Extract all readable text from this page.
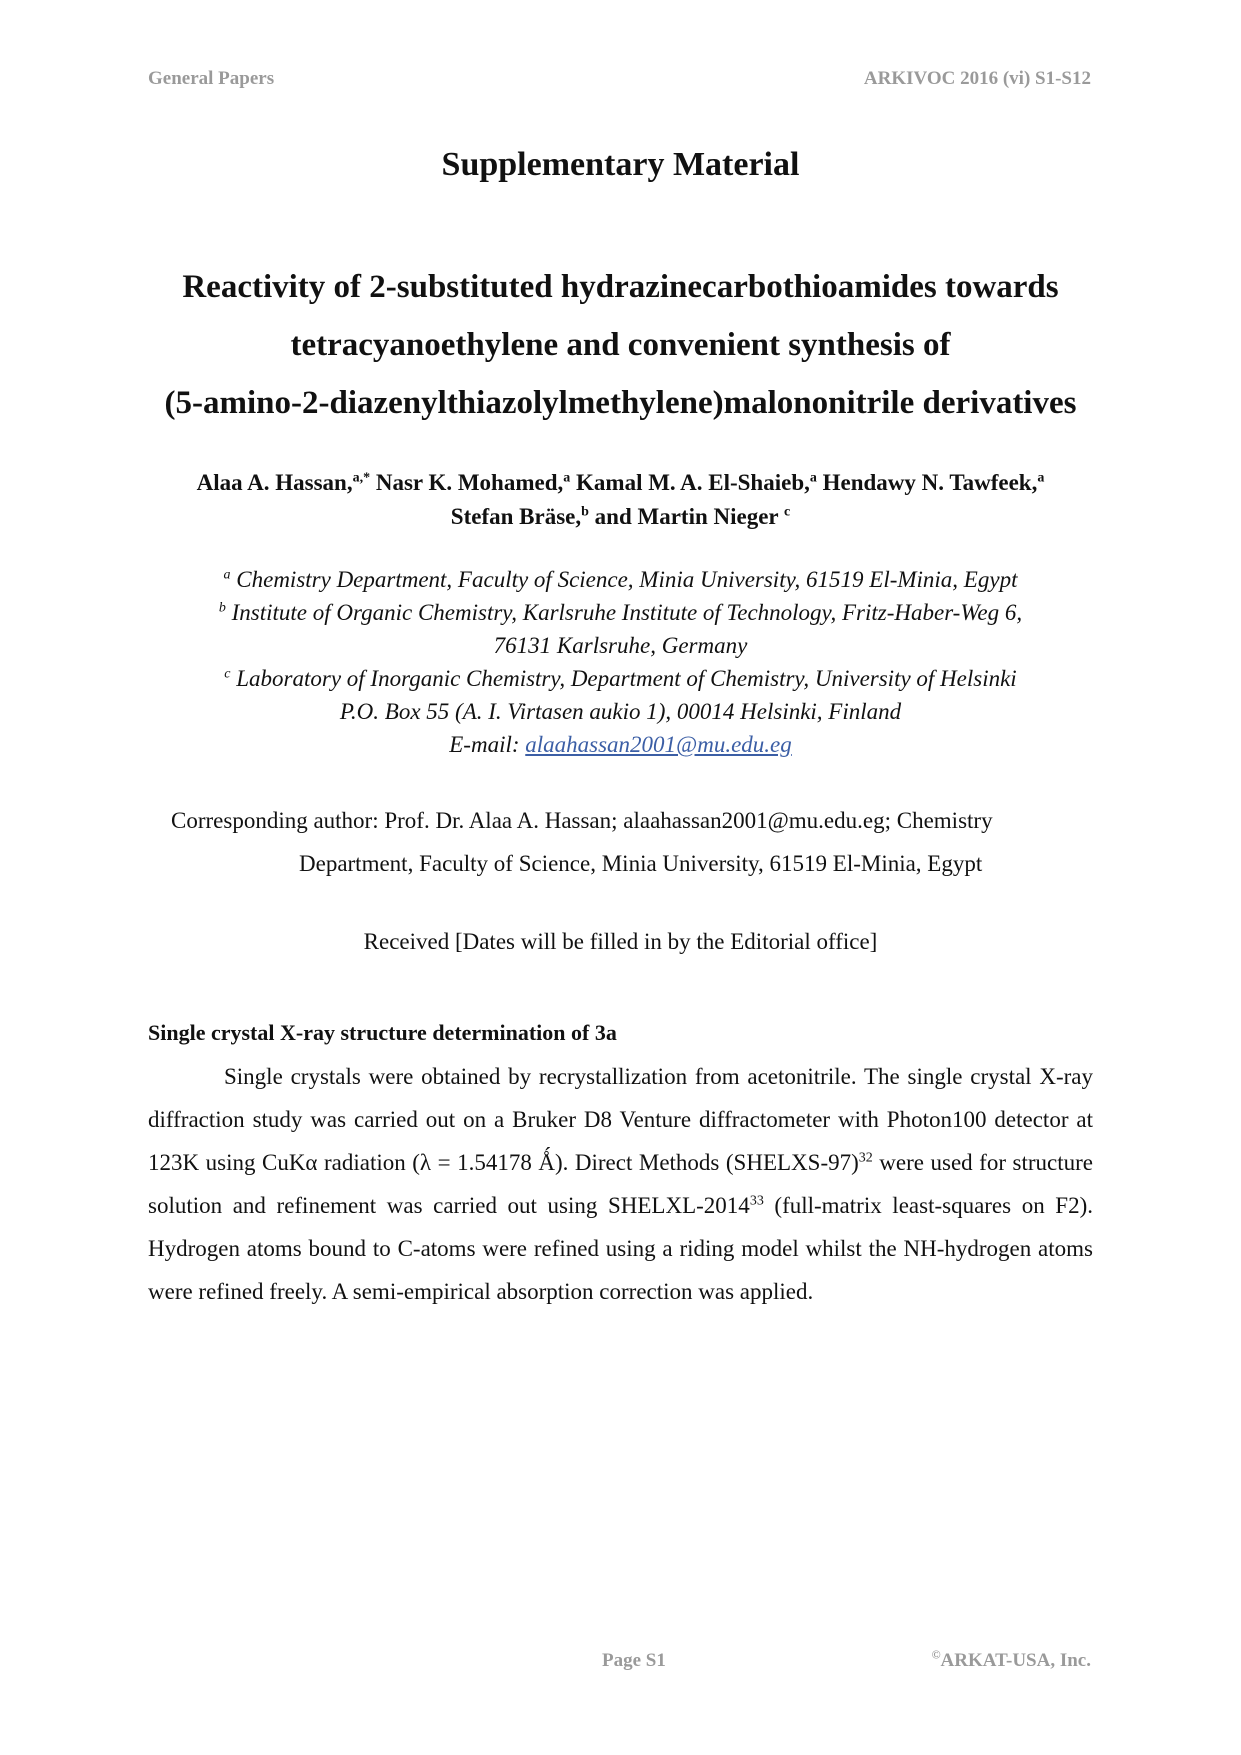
General Papers	ARKIVOC 2016 (vi) S1-S12
Supplementary Material
Reactivity of 2-substituted hydrazinecarbothioamides towards
tetracyanoethylene and convenient synthesis of
(5-amino-2-diazenylthiazolylmethylene)malononitrile derivatives
Alaa A. Hassan,$^{a,*}$ Nasr K. Mohamed,$^a$ Kamal M. A. El-Shaieb,$^a$ Hendawy N. Tawfeek,$^a$
Stefan Bräse,$^b$ and Martin Nieger $^c$
$^a$ Chemistry Department, Faculty of Science, Minia University, 61519 El-Minia, Egypt
$^b$ Institute of Organic Chemistry, Karlsruhe Institute of Technology, Fritz-Haber-Weg 6,
76131 Karlsruhe, Germany
$^c$ Laboratory of Inorganic Chemistry, Department of Chemistry, University of Helsinki
P.O. Box 55 (A. I. Virtasen aukio 1), 00014 Helsinki, Finland
E-mail: alaahassan2001@mu.edu.eg
Corresponding author: Prof. Dr. Alaa A. Hassan; alaahassan2001@mu.edu.eg; Chemistry
Department, Faculty of Science, Minia University, 61519 El-Minia, Egypt
Received [Dates will be filled in by the Editorial office]
Single crystal X-ray structure determination of 3a
Single crystals were obtained by recrystallization from acetonitrile. The single crystal X-ray diffraction study was carried out on a Bruker D8 Venture diffractometer with Photon100 detector at 123K using CuKα radiation (λ = 1.54178 Ǻ). Direct Methods (SHELXS-97)$^{32}$ were used for structure solution and refinement was carried out using SHELXL-2014$^{33}$ (full-matrix least-squares on F2). Hydrogen atoms bound to C-atoms were refined using a riding model whilst the NH-hydrogen atoms were refined freely. A semi-empirical absorption correction was applied.
Page S1	©ARKAT-USA, Inc.
